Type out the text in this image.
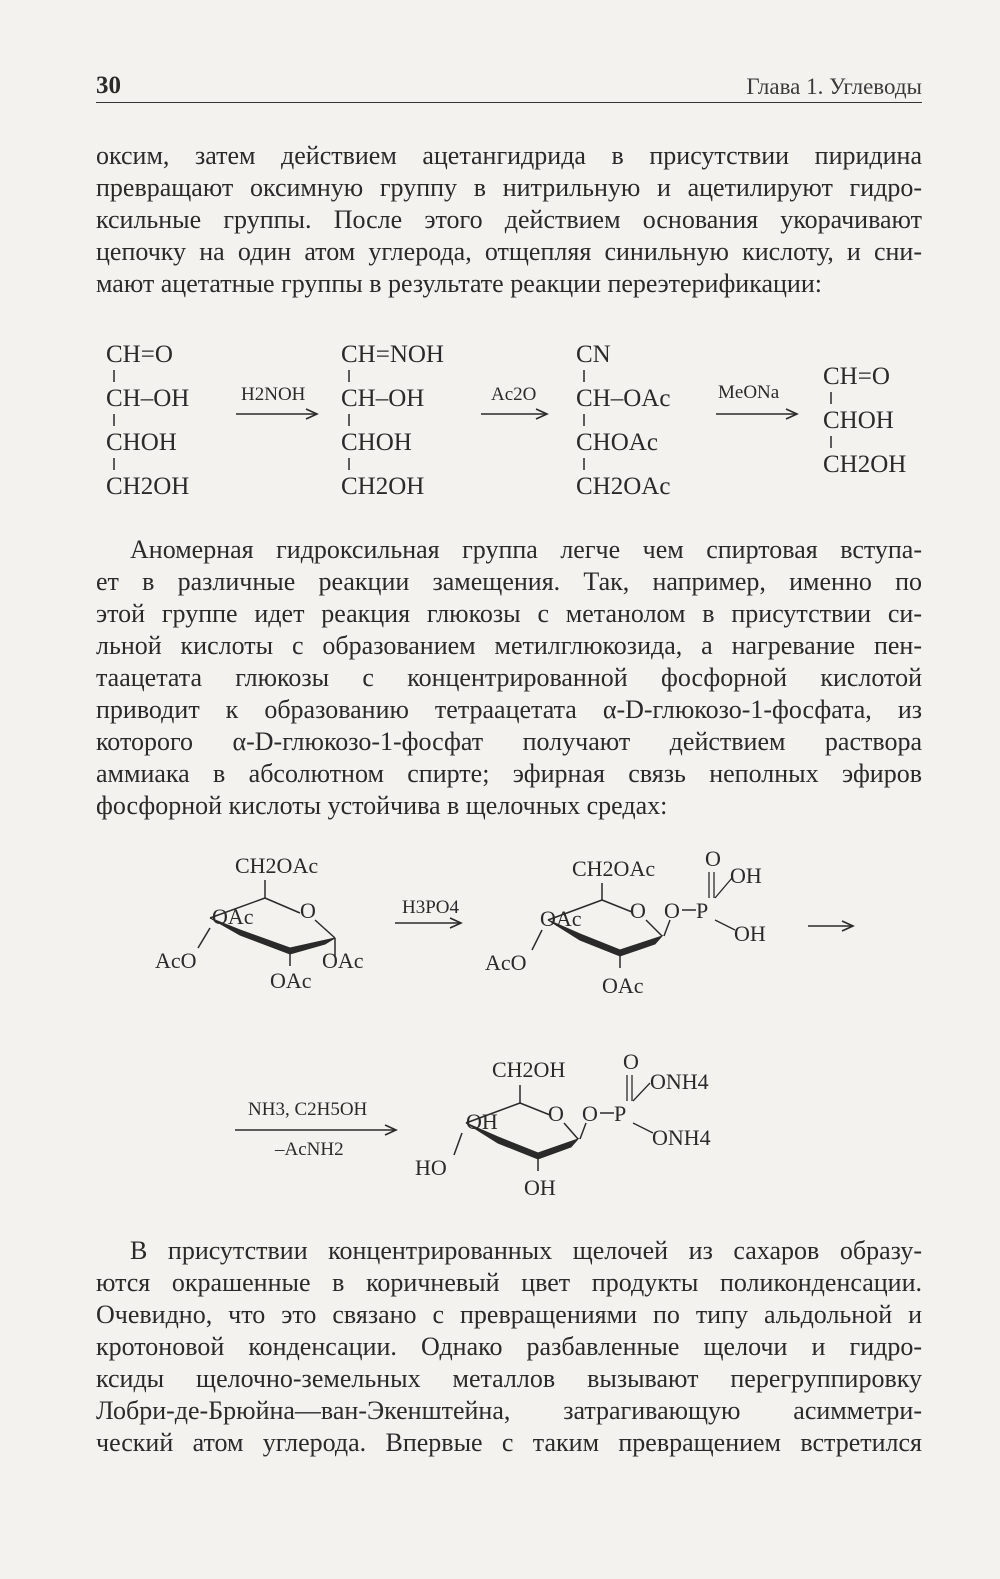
30	Глава 1. Углеводы
оксим, затем действием ацетангидрида в присутствии пиридина
превращают оксимную группу в нитрильную и ацетилируют гидро-
ксильные группы. После этого действием основания укорачивают
цепочку на один атом углерода, отщепляя синильную кислоту, и сни-
мают ацетатные группы в результате реакции переэтерификации:
CH=O
CH–OH
CHOH
CH2OH
H2NOH
CH=NOH
CH–OH
CHOH
CH2OH
Ac2O
CN
CH–OAc
CHOAc
CH2OAc
MeONa
CH=O
CHOH
CH2OH
Аномерная гидроксильная группа легче чем спиртовая вступа-
ет в различные реакции замещения. Так, например, именно по
этой группе идет реакция глюкозы с метанолом в присутствии си-
льной кислоты с образованием метилглюкозида, а нагревание пен-
таацетата глюкозы с концентрированной фосфорной кислотой
приводит к образованию тетраацетата α-D-глюкозо-1-фосфата, из
которого α-D-глюкозо-1-фосфат получают действием раствора
аммиака в абсолютном спирте; эфирная связь неполных эфиров
фосфорной кислоты устойчива в щелочных средах:
CH2OAc
O
OAc
AcO	OAc
OAc
H3PO4
CH2OAc
O O P
O
OH
OH
OAc
AcO
OAc
NH3, C2H5OH
–AcNH2
CH2OH
O O P
O
ONH4
ONH4
OH
HO
OH
В присутствии концентрированных щелочей из сахаров образу-
ются окрашенные в коричневый цвет продукты поликонденсации.
Очевидно, что это связано с превращениями по типу альдольной и
кротоновой конденсации. Однако разбавленные щелочи и гидро-
ксиды щелочно-земельных металлов вызывают перегруппировку
Лобри-де-Брюйна—ван-Экенштейна, затрагивающую асимметри-
ческий атом углерода. Впервые с таким превращением встретился
